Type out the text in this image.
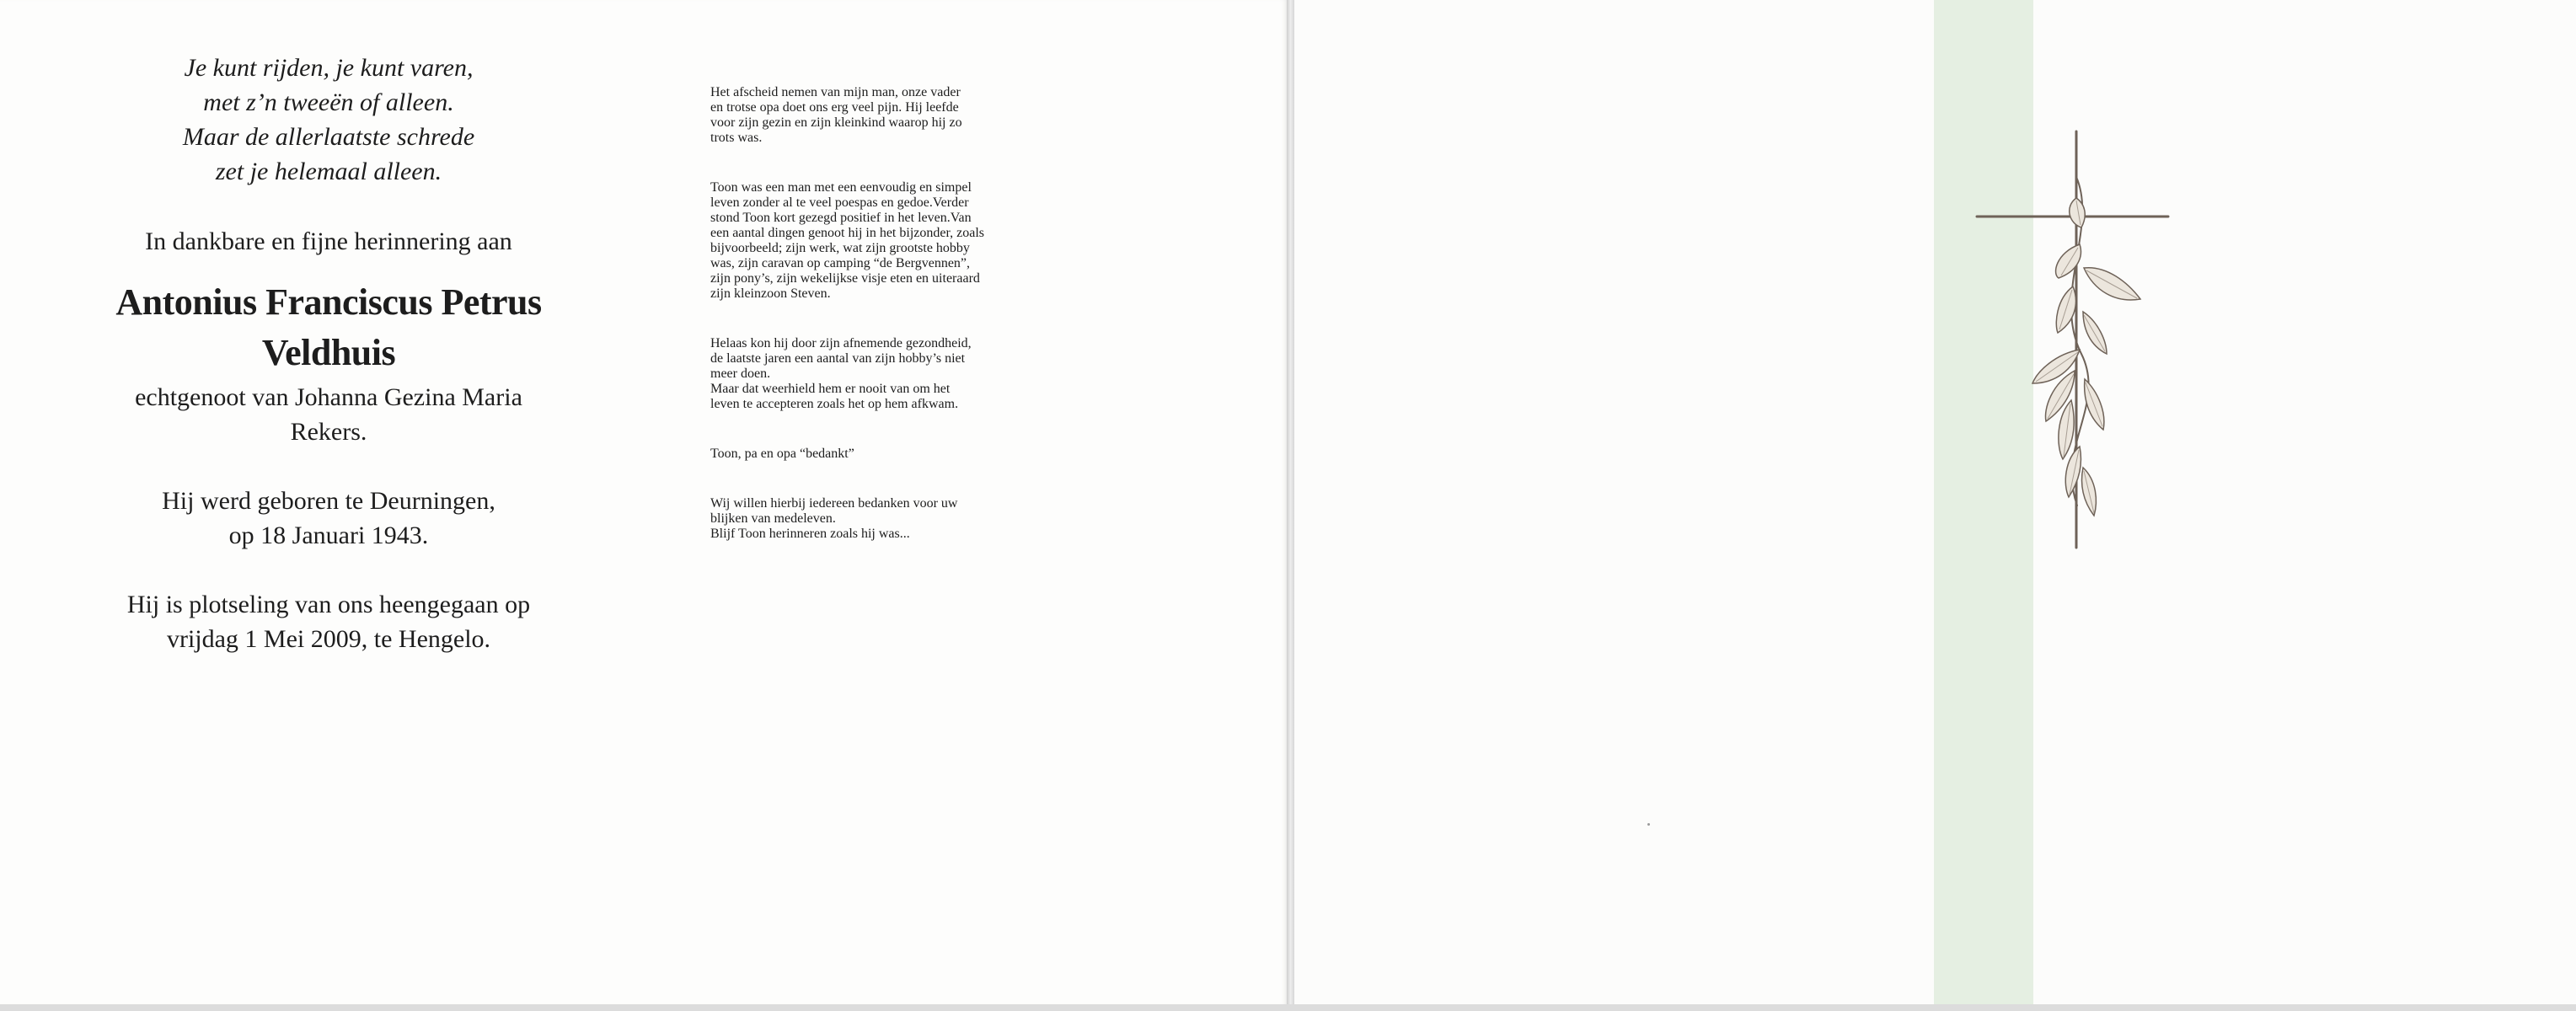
Je kunt rijden, je kunt varen,
met z’n tweeën of alleen.
Maar de allerlaatste schrede
zet je helemaal alleen.
In dankbare en fijne herinnering aan
Antonius Franciscus Petrus
Veldhuis
echtgenoot van Johanna Gezina Maria
Rekers.
Hij werd geboren te Deurningen,
op 18 Januari 1943.
Hij is plotseling van ons heengegaan op
vrijdag 1 Mei 2009, te Hengelo.

Het afscheid nemen van mijn man, onze vader
en trotse opa doet ons erg veel pijn. Hij leefde
voor zijn gezin en zijn kleinkind waarop hij zo
trots was.

Toon was een man met een eenvoudig en simpel
leven zonder al te veel poespas en gedoe.Verder
stond Toon kort gezegd positief in het leven.Van
een aantal dingen genoot hij in het bijzonder, zoals
bijvoorbeeld; zijn werk, wat zijn grootste hobby
was, zijn caravan op camping “de Bergvennen”,
zijn pony’s, zijn wekelijkse visje eten en uiteraard
zijn kleinzoon Steven.

Helaas kon hij door zijn afnemende gezondheid,
de laatste jaren een aantal van zijn hobby’s niet
meer doen.
Maar dat weerhield hem er nooit van om het
leven te accepteren zoals het op hem afkwam.

Toon, pa en opa “bedankt”

Wij willen hierbij iedereen bedanken voor uw
blijken van medeleven.
Blijf Toon herinneren zoals hij was...
